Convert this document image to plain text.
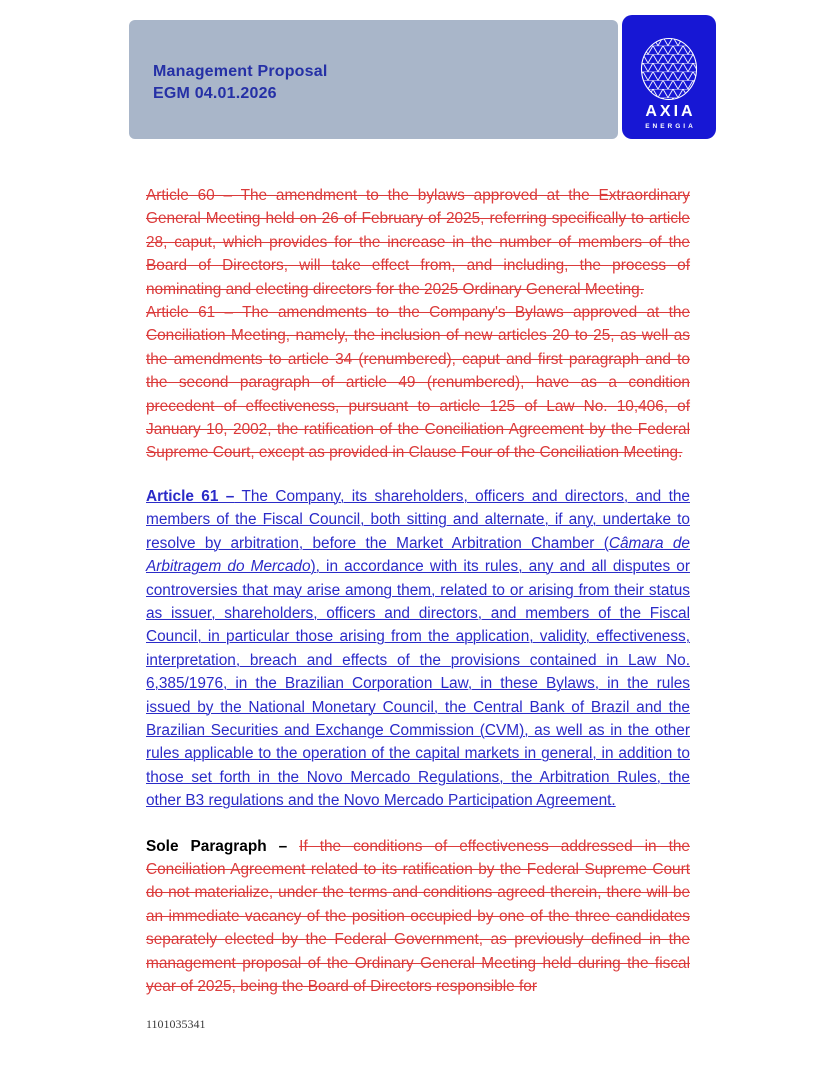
Management Proposal
EGM 04.01.2026
AXIA
ENERGIA

Article 60 – The amendment to the bylaws approved at the Extraordinary General Meeting held on 26 of February of 2025, referring specifically to article 28, caput, which provides for the increase in the number of members of the Board of Directors, will take effect from, and including, the process of nominating and electing directors for the 2025 Ordinary General Meeting.

Article 61 – The amendments to the Company's Bylaws approved at the Conciliation Meeting, namely, the inclusion of new articles 20 to 25, as well as the amendments to article 34 (renumbered), caput and first paragraph and to the second paragraph of article 49 (renumbered), have as a condition precedent of effectiveness, pursuant to article 125 of Law No. 10,406, of January 10, 2002, the ratification of the Conciliation Agreement by the Federal Supreme Court, except as provided in Clause Four of the Conciliation Meeting.

Article 61 – The Company, its shareholders, officers and directors, and the members of the Fiscal Council, both sitting and alternate, if any, undertake to resolve by arbitration, before the Market Arbitration Chamber (Câmara de Arbitragem do Mercado), in accordance with its rules, any and all disputes or controversies that may arise among them, related to or arising from their status as issuer, shareholders, officers and directors, and members of the Fiscal Council, in particular those arising from the application, validity, effectiveness, interpretation, breach and effects of the provisions contained in Law No. 6,385/1976, in the Brazilian Corporation Law, in these Bylaws, in the rules issued by the National Monetary Council, the Central Bank of Brazil and the Brazilian Securities and Exchange Commission (CVM), as well as in the other rules applicable to the operation of the capital markets in general, in addition to those set forth in the Novo Mercado Regulations, the Arbitration Rules, the other B3 regulations and the Novo Mercado Participation Agreement.

Sole Paragraph – If the conditions of effectiveness addressed in the Conciliation Agreement related to its ratification by the Federal Supreme Court do not materialize, under the terms and conditions agreed therein, there will be an immediate vacancy of the position occupied by one of the three candidates separately elected by the Federal Government, as previously defined in the management proposal of the Ordinary General Meeting held during the fiscal year of 2025, being the Board of Directors responsible for

1101035341
